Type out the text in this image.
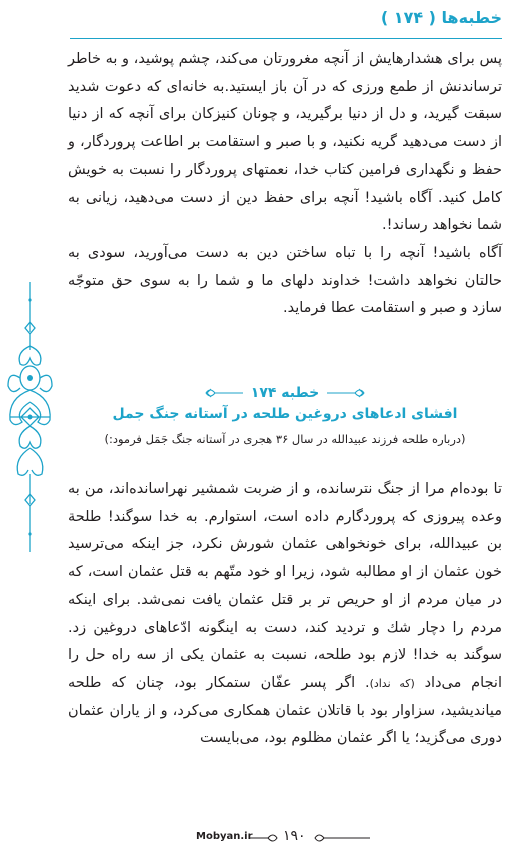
خطبه‌ها ( ۱۷۴ )

پس برای هشدارهایش از آنچه مغرورتان می‌کند، چشم پوشید، و به خاطر ترساندنش از طمع ورزی که در آن باز ایستید.به خانه‌ای که دعوت شدید سبقت گیرید، و دل از دنیا برگیرید، و چونان کنیزکان برای آنچه که از دنیا از دست می‌دهید گریه نکنید، و با صبر و استقامت بر اطاعت پروردگار، و حفظ و نگهداری فرامین کتاب خدا، نعمتهای پروردگار را نسبت به خویش کامل کنید. آگاه باشید! آنچه برای حفظ دین از دست می‌دهید، زیانی به شما نخواهد رساند!.

آگاه باشید! آنچه را با تباه ساختن دین به دست می‌آورید، سودی به حالتان نخواهد داشت! خداوند دلهای ما و شما را به سوی حق متوجّه سازد و صبر و استقامت عطا فرماید.

خطبه ۱۷۴
افشای ادعاهای دروغین طلحه در آستانه جنگ جمل
(درباره طلحه فرزند عبیدالله در سال ۳۶ هجری در آستانه جنگ جَمَل فرمود:)

تا بوده‌ام مرا از جنگ نترسانده، و از ضربت شمشیر نهراسانده‌اند، من به وعده پیروزی که پروردگارم داده است، استوارم. به خدا سوگند! طلحة بن عبیدالله، برای خونخواهی عثمان شورش نکرد، جز اینکه می‌ترسید خون عثمان از او مطالبه شود، زیرا او خود متّهم به قتل عثمان است، که در میان مردم از او حریص تر بر قتل عثمان یافت نمی‌شد. برای اینکه مردم را دچار شك و تردید کند، دست به اینگونه ادّعاهای دروغین زد. سوگند به خدا! لازم بود طلحه، نسبت به عثمان یکی از سه راه حل را انجام می‌داد (كه نداد). اگر پسر عفّان ستمکار بود، چنان که طلحه میاندیشید، سزاوار بود با قاتلان عثمان همکاری می‌کرد، و از یاران عثمان دوری می‌گزید؛ یا اگر عثمان مظلوم بود، می‌بایست

Mobyan.ir ۱۹۰
